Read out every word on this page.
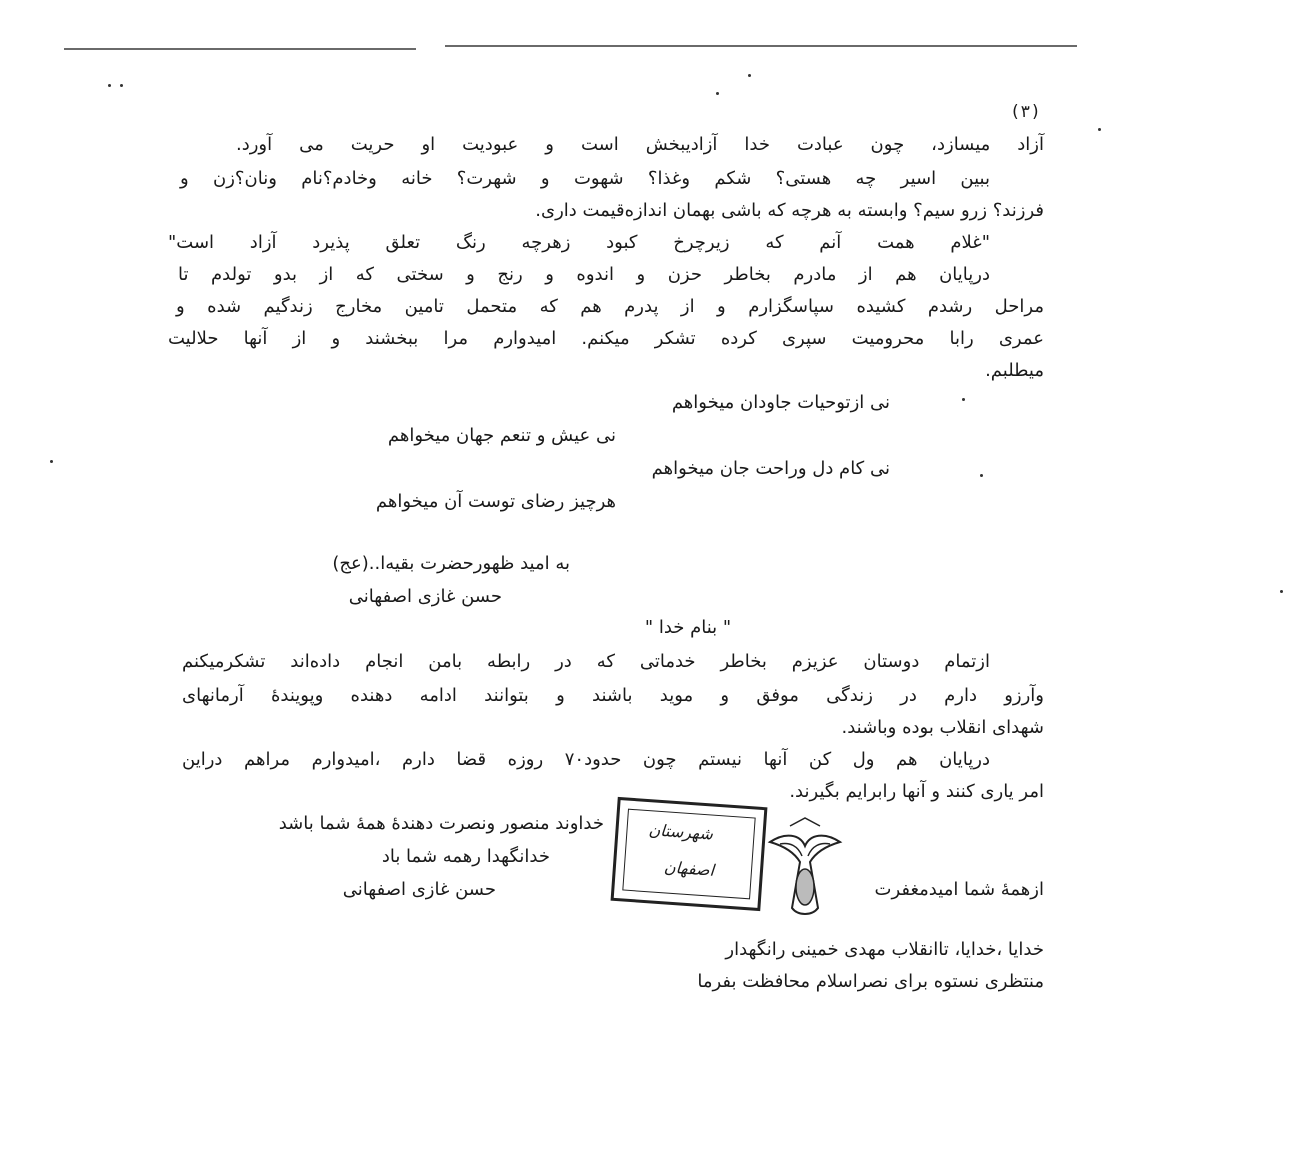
(۳)
آزاد میسازد، چون عبادت خدا آزادیبخش است و عبودیت او حریت می آورد.
ببین اسیر چه هستی؟ شکم وغذا؟ شهوت و شهرت؟ خانه وخادم؟نام ونان؟زن و
فرزند؟ زرو سیم؟ وابسته به هرچه که باشی بهمان اندازه‌قیمت داری.
"غلام همت آنم که زیرچرخ کبود زهرچه رنگ تعلق پذیرد آزاد است"
درپایان هم از مادرم بخاطر حزن و اندوه و رنج و سختی که از بدو تولدم تا
مراحل رشدم کشیده سپاسگزارم و از پدرم هم که متحمل تامین مخارج زندگیم شده و
عمری رابا محرومیت سپری کرده تشکر میکنم. امیدوارم مرا ببخشند و از آنها حلالیت
میطلبم.
نی ازتوحیات جاودان میخواهم
نی عیش و تنعم جهان میخواهم
نی کام دل وراحت جان میخواهم
هرچیز رضای توست آن میخواهم
به امید ظهورحضرت بقیه‌ا..(عج)
حسن غازی اصفهانی
" بنام خدا "
ازتمام دوستان عزیزم بخاطر خدماتی که در رابطه بامن انجام داده‌اند تشکرمیکنم
وآرزو دارم در زندگی موفق و موید باشند و بتوانند ادامه دهنده وپوینده‌ٔ آرمانهای
شهدای انقلاب بوده وباشند.
درپایان هم ول کن آنها نیستم چون حدود۷۰ روزه قضا دارم ،امیدوارم مراهم دراین
امر یاری کنند و آنها رابرایم بگیرند.
خداوند منصور ونصرت دهنده‌ٔ همهٔ شما باشد
خدانگهدا رهمه شما باد
حسن غازی اصفهانی
شهرستان
اصفهان
ازهمهٔ شما امیدمغفرت
خدایا ،خدایا، تاانقلاب مهدی خمینی رانگهدار
منتظری نستوه برای نصراسلام محافظت بفرما
